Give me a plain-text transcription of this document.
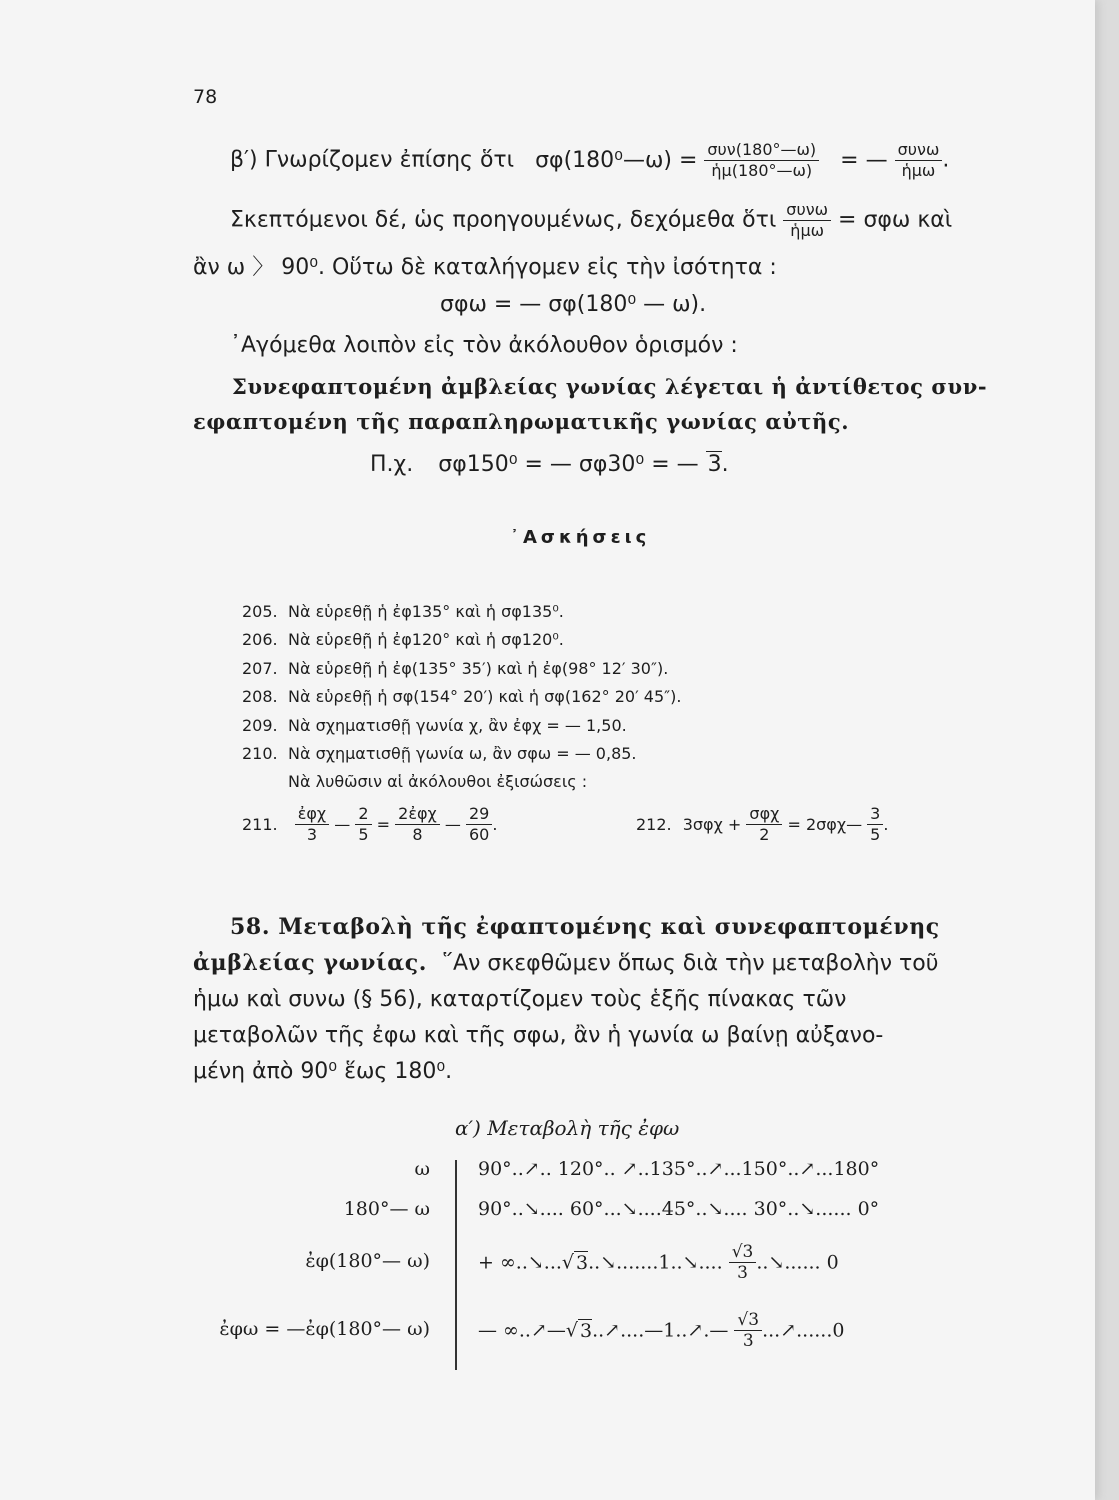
78
β′) Γνωρίζομεν ἐπίσης ὅτι σφ(180⁰—ω) = $\frac{\text{συν(180°—ω)}}{\text{ἡμ(180°—ω)}}$ = — $\frac{\text{συνω}}{\text{ἡμω}}$ .
Σκεπτόμενοι δέ, ὡς προηγουμένως, δεχόμεθα ὅτι $\frac{\text{συνω}}{\text{ἡμω}} = \sigma\varphi\omega$ καὶ
ἂν ω 〉 90⁰. Οὕτω δὲ καταλήγομεν εἰς τὴν ἰσότητα :
σφω = — σφ(180⁰ — ω).
᾿Αγόμεθα λοιπὸν εἰς τὸν ἀκόλουθον ὁρισμόν :
Συνεφαπτομένη ἀμβλείας γωνίας λέγεται ἡ ἀντίθετος συν-
εφαπτομένη τῆς παραπληρωματικῆς γωνίας αὐτῆς.
Π.χ. σφ150⁰ = — σφ30⁰ = — 3.
᾿Ασκήσεις
205. Νὰ εὑρεθῇ ἡ ἐφ135° καὶ ἡ σφ135⁰.
206. Νὰ εὑρεθῇ ἡ ἐφ120° καὶ ἡ σφ120⁰.
207. Νὰ εὑρεθῇ ἡ ἐφ(135° 35′) καὶ ἡ ἐφ(98° 12′ 30″).
208. Νὰ εὑρεθῇ ἡ σφ(154° 20′) καὶ ἡ σφ(162° 20′ 45″).
209. Νὰ σχηματισθῇ γωνία χ, ἂν ἐφχ = — 1,50.
210. Νὰ σχηματισθῇ γωνία ω, ἂν σφω = — 0,85.
Νὰ λυθῶσιν αἱ ἀκόλουθοι ἐξισώσεις :
211. $\frac{\text{ἐφχ}}{3}$ — $\frac{2}{5} = \frac{\text{2ἐφχ}}{8}$ — $\frac{29}{60}$ .	212. $3\sigma\varphi\chi + \frac{\text{σφχ}}{2}$ = 2σφχ— $\frac{3}{5}$ .
58. Μεταβολὴ τῆς ἐφαπτομένης καὶ συνεφαπτομένης
ἀμβλείας γωνίας. ῞Αν σκεφθῶμεν ὅπως διὰ τὴν μεταβολὴν τοῦ
ἡμω καὶ συνω (§ 56), καταρτίζομεν τοὺς ἑξῆς πίνακας τῶν
μεταβολῶν τῆς ἐφω καὶ τῆς σφω, ἂν ἡ γωνία ω βαίνῃ αὐξανο-
μένη ἀπὸ 90⁰ ἕως 180⁰.
α′) Μεταβολὴ τῆς ἐφω
ω
180°— ω
ἐφ(180°— ω)
ἐφω = —ἐφ(180°— ω)
90°..↗.. 120°.. ↗..135°..↗...150°..↗...180°
90°..↘.... 60°...↘....45°..↘.... 30°..↘...... 0°
+ ∞..↘...√ 3..↘.......1..↘.... $\frac{√3}{3}$ ..↘...... 0
— ∞..↗—√ 3..↗....—1..↗.— $\frac{√3}{3}$ ...↗......0
